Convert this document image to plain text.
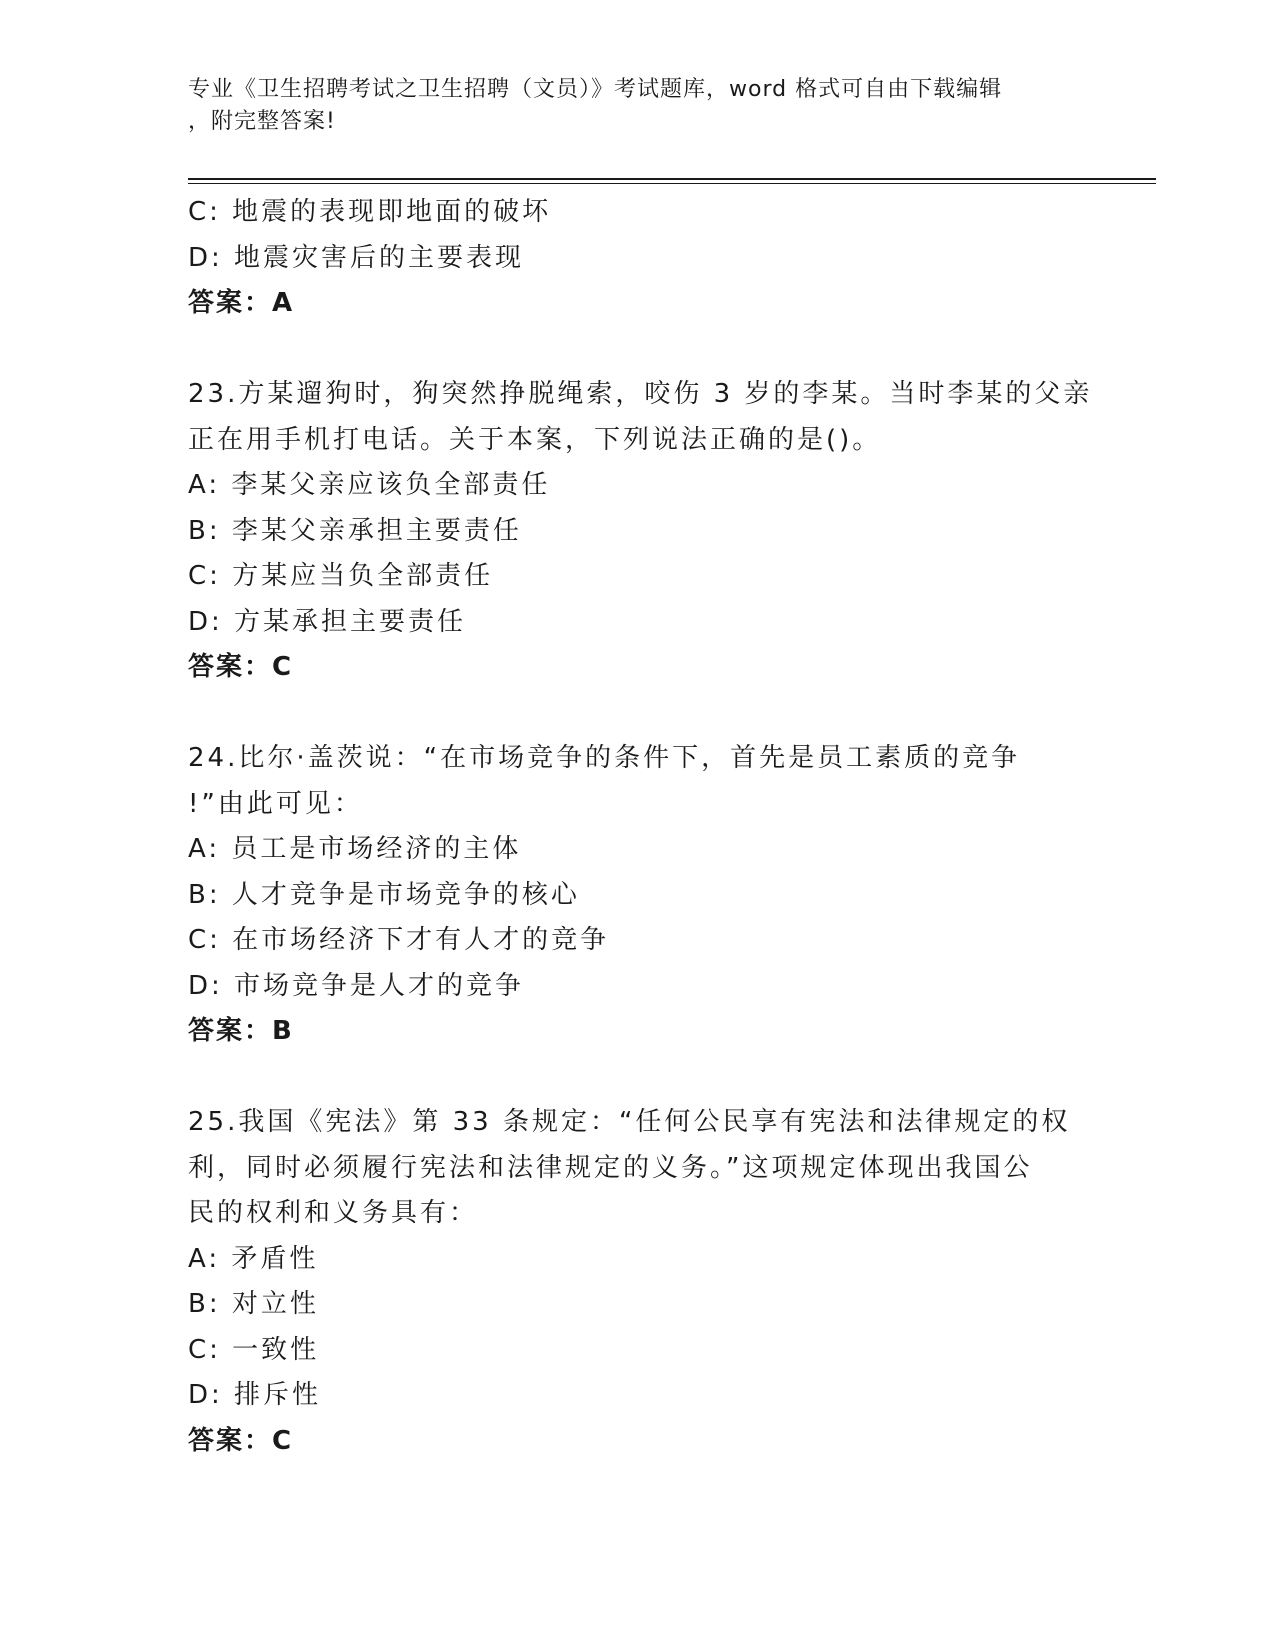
专业《卫生招聘考试之卫生招聘（文员）》考试题库，word 格式可自由下载编辑
，附完整答案!
C: 地震的表现即地面的破坏
D: 地震灾害后的主要表现
答案：A
23.方某遛狗时，狗突然挣脱绳索，咬伤 3 岁的李某。当时李某的父亲
正在用手机打电话。关于本案，下列说法正确的是()。
A: 李某父亲应该负全部责任
B: 李某父亲承担主要责任
C: 方某应当负全部责任
D: 方某承担主要责任
答案：C
24.比尔·盖茨说：“在市场竞争的条件下，首先是员工素质的竞争
!”由此可见：
A: 员工是市场经济的主体
B: 人才竞争是市场竞争的核心
C: 在市场经济下才有人才的竞争
D: 市场竞争是人才的竞争
答案：B
25.我国《宪法》第 33 条规定：“任何公民享有宪法和法律规定的权
利，同时必须履行宪法和法律规定的义务。”这项规定体现出我国公
民的权利和义务具有：
A: 矛盾性
B: 对立性
C: 一致性
D: 排斥性
答案：C
